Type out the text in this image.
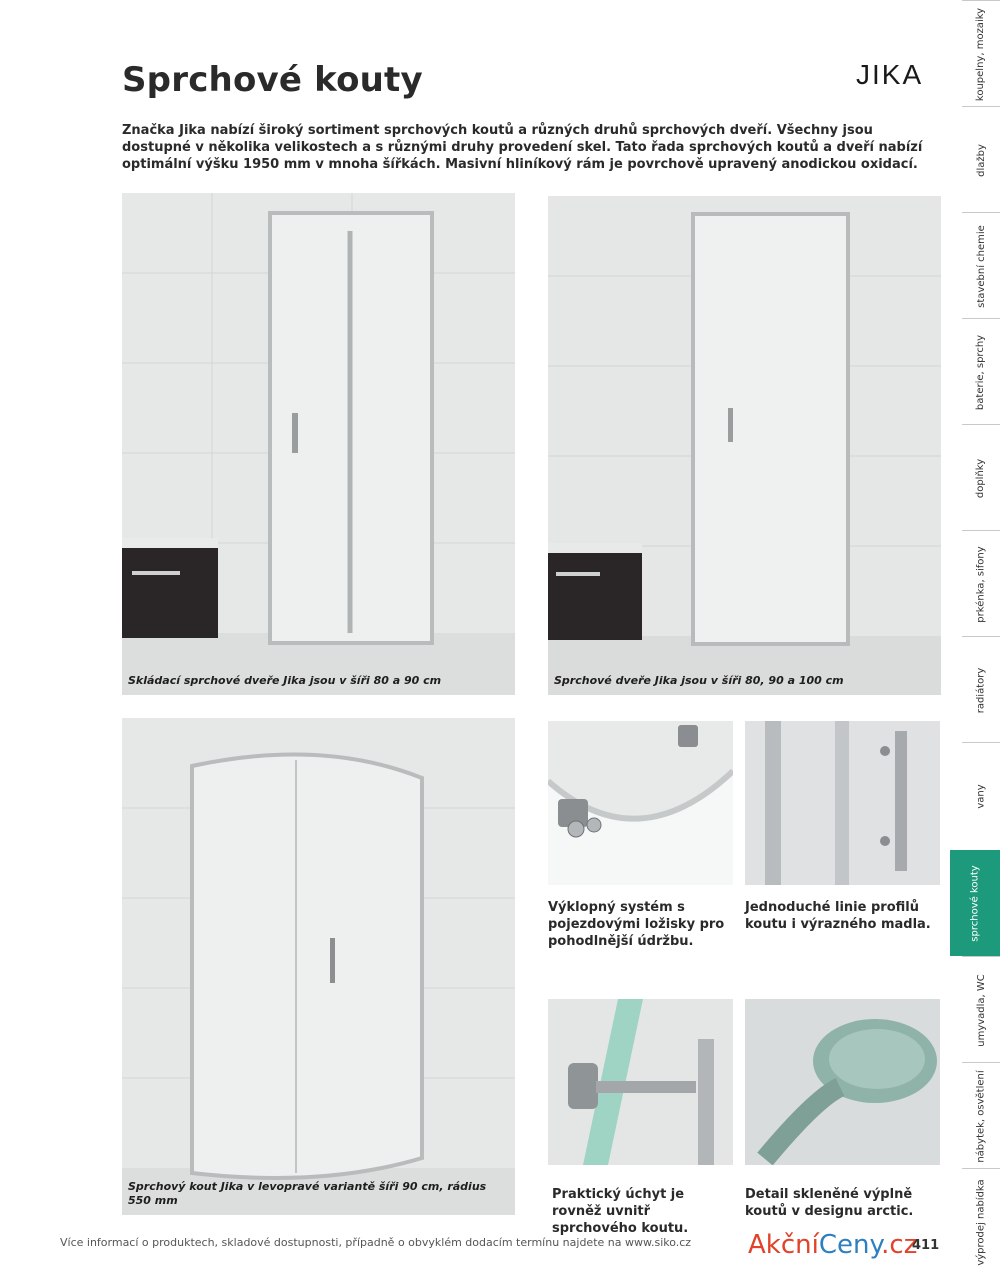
Sprchové kouty	JIKA

Značka Jika nabízí široký sortiment sprchových koutů a různých druhů sprchových dveří. Všechny jsou dostupné v několika velikostech a s různými druhy provedení skel. Tato řada sprchových koutů a dveří nabízí optimální výšku 1950 mm v mnoha šířkách. Masivní hliníkový rám je povrchově upravený anodickou oxidací.

Skládací sprchové dveře Jika jsou v šíři 80 a 90 cm	Sprchové dveře Jika jsou v šíři 80, 90 a 100 cm
Sprchový kout Jika v levopravé variantě šíři 90 cm, rádius 550 mm

Výklopný systém s pojezdovými ložisky pro pohodlnější údržbu.

Jednoduché linie profilů koutu i výrazného madla.

Praktický úchyt je rovněž uvnitř sprchového koutu.

Detail skleněné výplně koutů v designu arctic.

Více informací o produktech, skladové dostupnosti, případně o obvyklém dodacím termínu najdete na www.siko.cz AkčníCeny.cz
411
koupelny, mozaiky
dlažby
stavební chemie
baterie, sprchy
doplňky
prkénka, sifony
radiátory
vany
sprchové kouty
umyvadla, WC
nábytek, osvětlení
výprodej nabídka
